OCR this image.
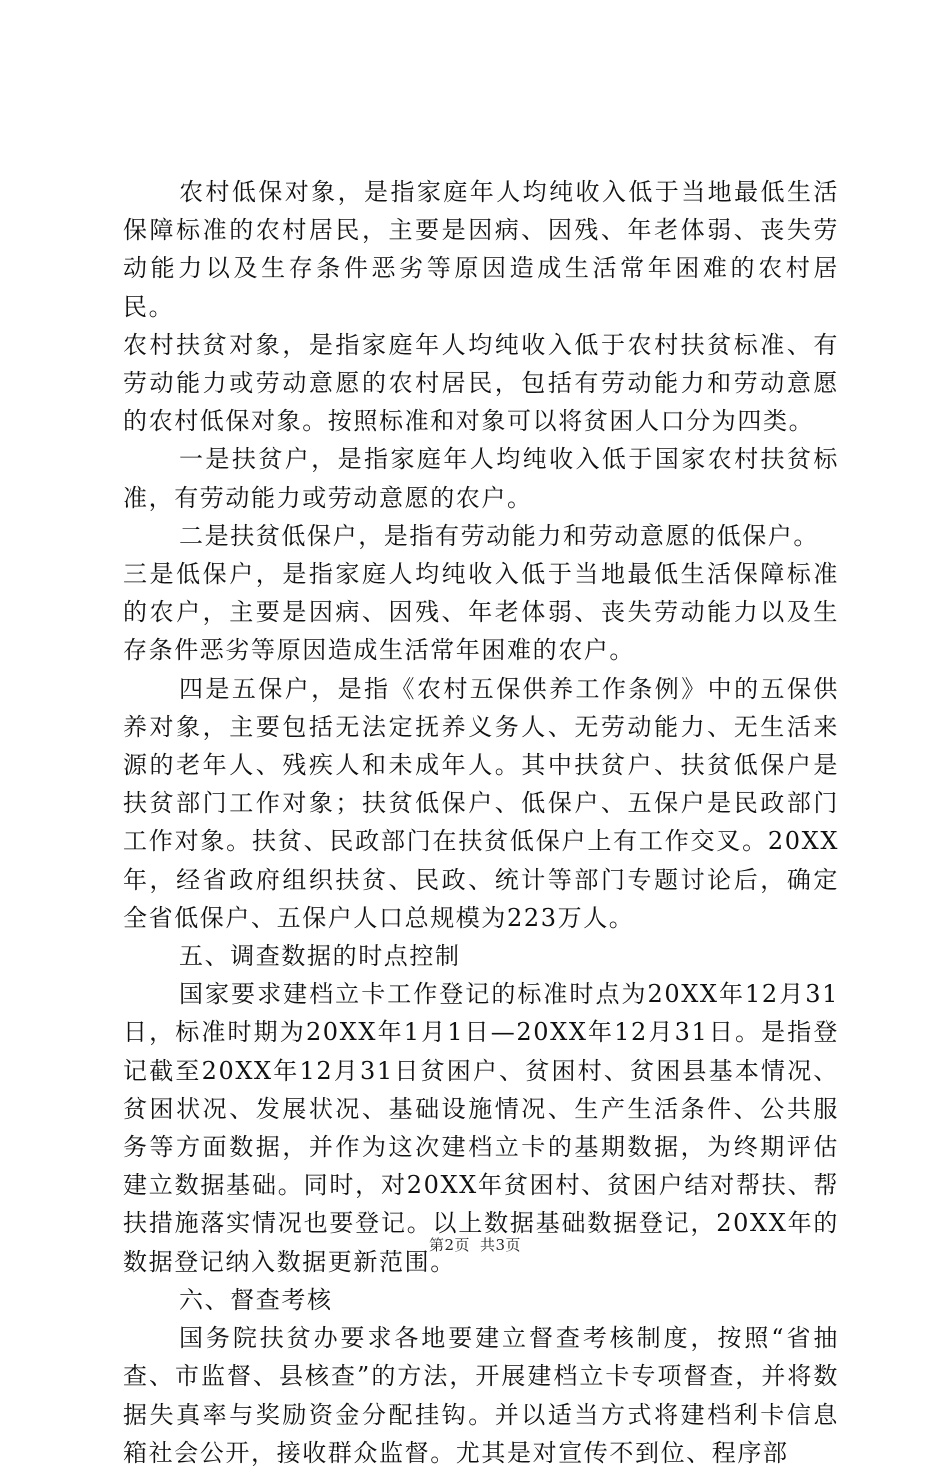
农村低保对象，是指家庭年人均纯收入低于当地最低生活保障标准的农村居民，主要是因病、因残、年老体弱、丧失劳动能力以及生存条件恶劣等原因造成生活常年困难的农村居民。

农村扶贫对象，是指家庭年人均纯收入低于农村扶贫标准、有劳动能力或劳动意愿的农村居民，包括有劳动能力和劳动意愿的农村低保对象。按照标准和对象可以将贫困人口分为四类。

一是扶贫户，是指家庭年人均纯收入低于国家农村扶贫标准，有劳动能力或劳动意愿的农户。

二是扶贫低保户，是指有劳动能力和劳动意愿的低保户。

三是低保户，是指家庭人均纯收入低于当地最低生活保障标准的农户，主要是因病、因残、年老体弱、丧失劳动能力以及生存条件恶劣等原因造成生活常年困难的农户。

四是五保户，是指《农村五保供养工作条例》中的五保供养对象，主要包括无法定抚养义务人、无劳动能力、无生活来源的老年人、残疾人和未成年人。其中扶贫户、扶贫低保户是扶贫部门工作对象；扶贫低保户、低保户、五保户是民政部门工作对象。扶贫、民政部门在扶贫低保户上有工作交叉。20XX年，经省政府组织扶贫、民政、统计等部门专题讨论后，确定全省低保户、五保户人口总规模为223万人。

五、调查数据的时点控制

国家要求建档立卡工作登记的标准时点为20XX年12月31日，标准时期为20XX年1月1日—20XX年12月31日。是指登记截至20XX年12月31日贫困户、贫困村、贫困县基本情况、贫困状况、发展状况、基础设施情况、生产生活条件、公共服务等方面数据，并作为这次建档立卡的基期数据，为终期评估建立数据基础。同时，对20XX年贫困村、贫困户结对帮扶、帮扶措施落实情况也要登记。以上数据基础数据登记，20XX年的数据登记纳入数据更新范围。

六、督查考核

国务院扶贫办要求各地要建立督查考核制度，按照“省抽查、市监督、县核查”的方法，开展建档立卡专项督查，并将数据失真率与奖励资金分配挂钩。并以适当方式将建档利卡信息箱社会公开，接收群众监督。尤其是对宣传不到位、程序部

第2页 共3页
